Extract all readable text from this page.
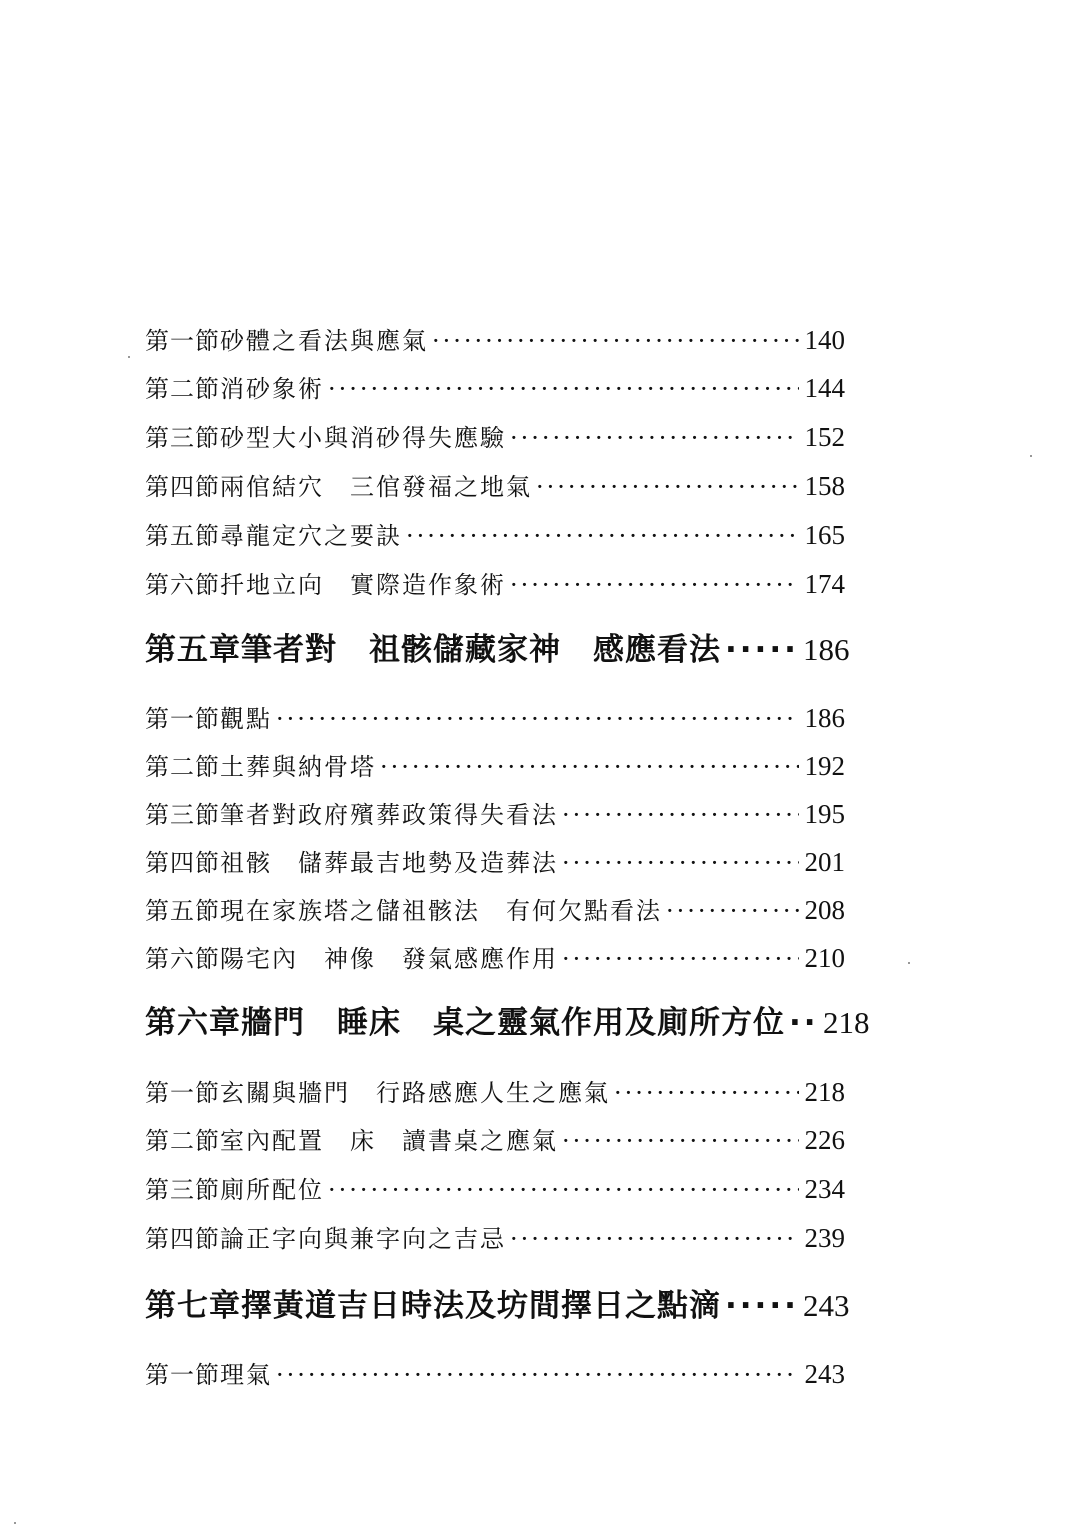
第一節 砂體之看法與應氣 ·····	140
第二節 消砂象術 ·····	144
第三節 砂型大小與消砂得失應驗 ·····	152
第四節 兩倌結穴　三倌發福之地氣 ·····	158
第五節 尋龍定穴之要訣 ·····	165
第六節 扦地立向　實際造作象術 ·····	174
第五章 筆者對　祖骸儲藏家神　感應看法 ·····	186
第一節 觀點 ·····	186
第二節 土葬與納骨塔 ·····	192
第三節 筆者對政府殯葬政策得失看法 ·····	195
第四節 祖骸　儲葬最吉地勢及造葬法 ·····	201
第五節 現在家族塔之儲祖骸法　有何欠點看法 ·····	208
第六節 陽宅內　神像　發氣感應作用 ·····	210
第六章 牆門　睡床　桌之靈氣作用及廁所方位 ····· 218
第一節 玄關與牆門　行路感應人生之應氣 ·····	218
第二節 室內配置　床　讀書桌之應氣 ·····	226
第三節 廁所配位 ·····	234
第四節 論正字向與兼字向之吉忌 ·····	239
第七章 擇黃道吉日時法及坊間擇日之點滴 ·····	243
第一節 理氣 ·····	243
